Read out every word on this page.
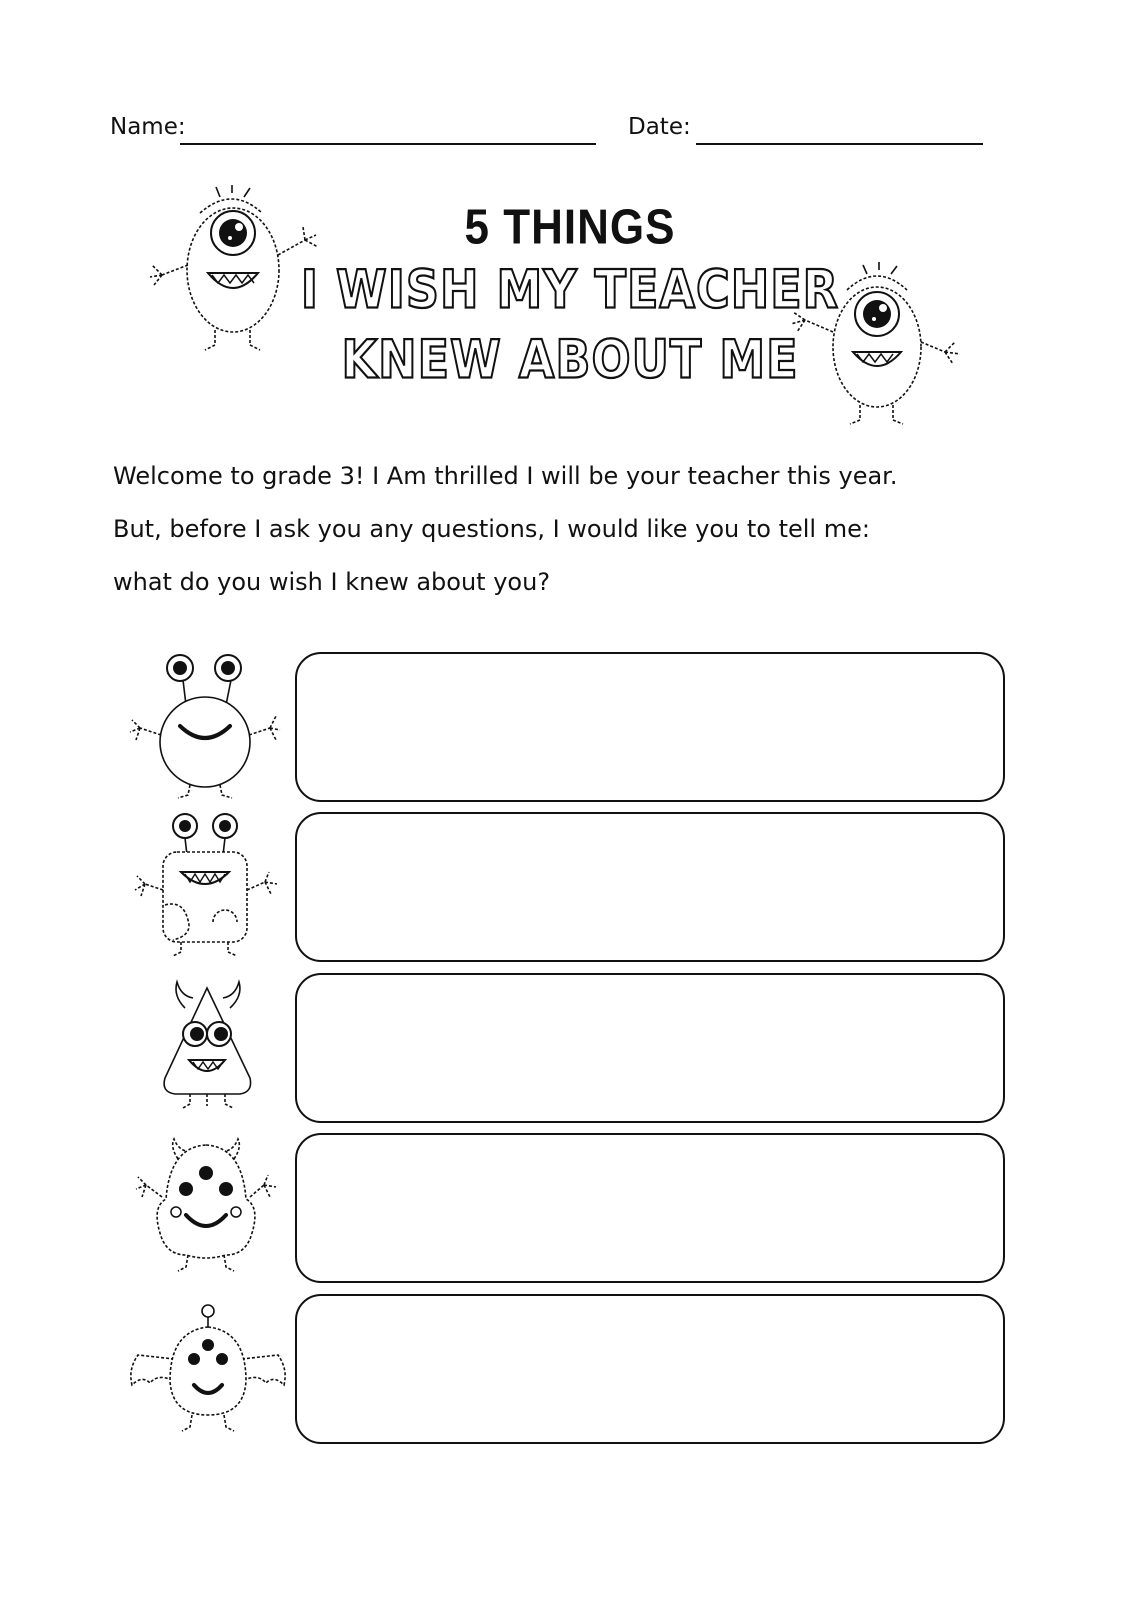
Name:	Date:
5 THINGS
I WISH MY TEACHER
KNEW ABOUT ME

Welcome to grade 3! I Am thrilled I will be your teacher this year.

But, before I ask you any questions, I would like you to tell me:

what do you wish I knew about you?
